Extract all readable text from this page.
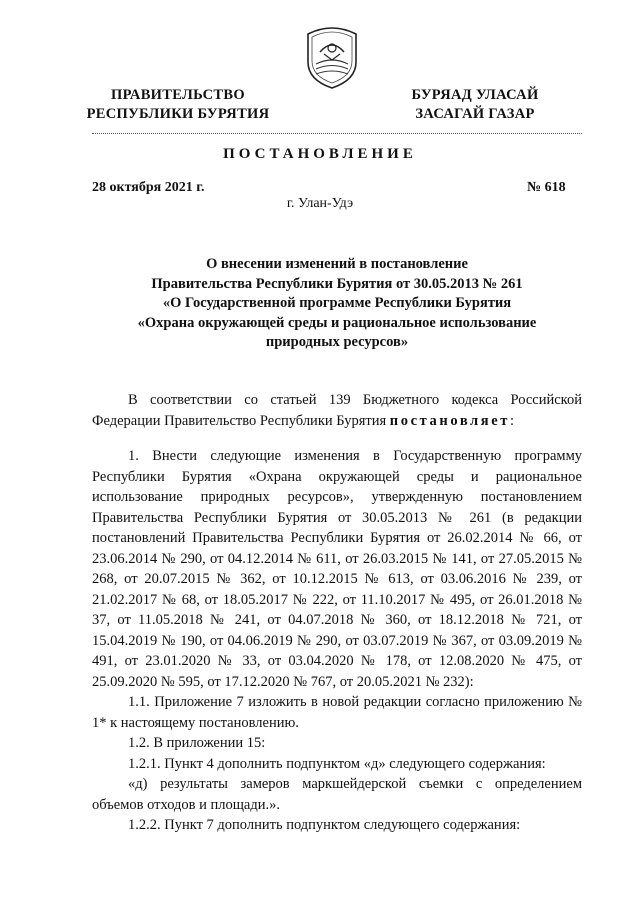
ПРАВИТЕЛЬСТВО
РЕСПУБЛИКИ БУРЯТИЯ
БУРЯАД УЛАСАЙ
ЗАСАГАЙ ГАЗАР
ПОСТАНОВЛЕНИЕ
28 октября 2021 г.	№ 618
г. Улан-Удэ
О внесении изменений в постановление
Правительства Республики Бурятия от 30.05.2013 № 261
«О Государственной программе Республики Бурятия
«Охрана окружающей среды и рациональное использование
природных ресурсов»

В соответствии со статьей 139 Бюджетного кодекса Российской Федерации Правительство Республики Бурятия постановляет:

1. Внести следующие изменения в Государственную программу Республики Бурятия «Охрана окружающей среды и рациональное использование природных ресурсов», утвержденную постановлением Правительства Республики Бурятия от 30.05.2013 № 261 (в редакции постановлений Правительства Республики Бурятия от 26.02.2014 № 66, от 23.06.2014 № 290, от 04.12.2014 № 611, от 26.03.2015 № 141, от 27.05.2015 № 268, от 20.07.2015 № 362, от 10.12.2015 № 613, от 03.06.2016 № 239, от 21.02.2017 № 68, от 18.05.2017 № 222, от 11.10.2017 № 495, от 26.01.2018 № 37, от 11.05.2018 № 241, от 04.07.2018 № 360, от 18.12.2018 № 721, от 15.04.2019 № 190, от 04.06.2019 № 290, от 03.07.2019 № 367, от 03.09.2019 № 491, от 23.01.2020 № 33, от 03.04.2020 № 178, от 12.08.2020 № 475, от 25.09.2020 № 595, от 17.12.2020 № 767, от 20.05.2021 № 232):

1.1. Приложение 7 изложить в новой редакции согласно приложению № 1* к настоящему постановлению.

1.2. В приложении 15:

1.2.1. Пункт 4 дополнить подпунктом «д» следующего содержания:

«д) результаты замеров маркшейдерской съемки с определением объемов отходов и площади.».

1.2.2. Пункт 7 дополнить подпунктом следующего содержания:
